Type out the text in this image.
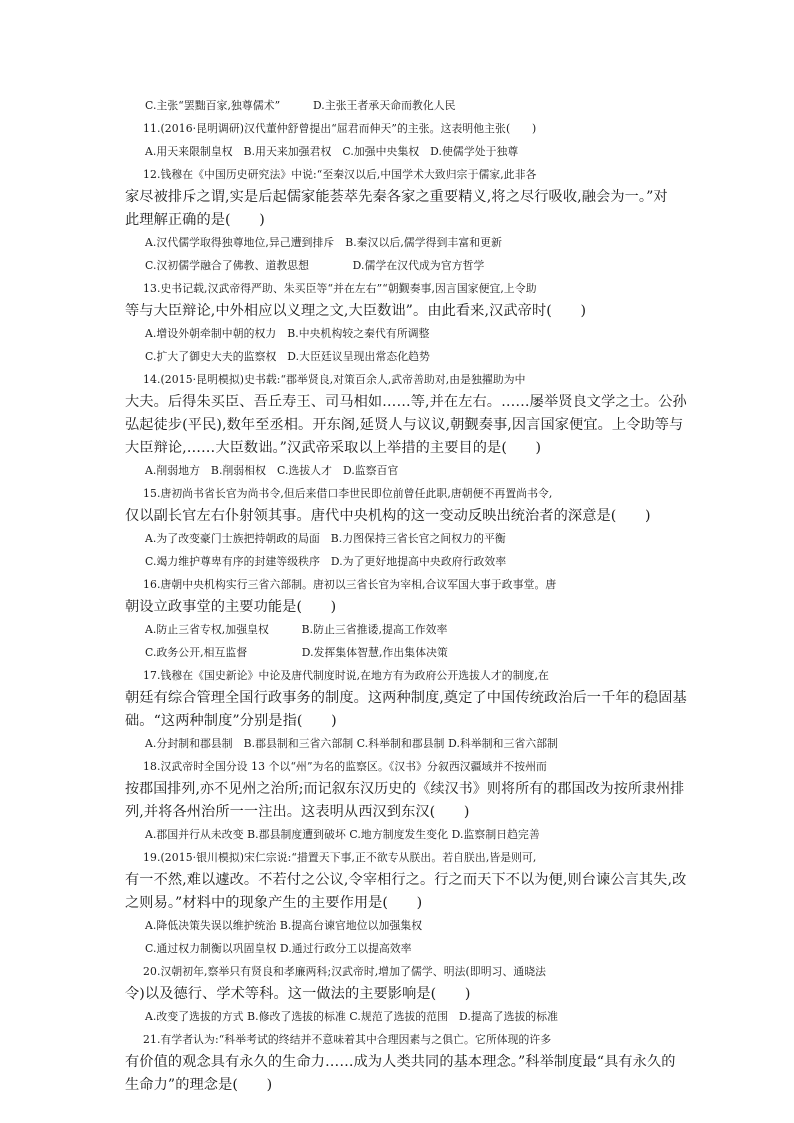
C.主张“罢黜百家,独尊儒术”　　　D.主张王者承天命而教化人民
11.(2016·昆明调研)汉代董仲舒曾提出“屈君而伸天”的主张。这表明他主张(　　)
A.用天来限制皇权　B.用天来加强君权　C.加强中央集权　D.使儒学处于独尊
12.钱穆在《中国历史研究法》中说:“至秦汉以后,中国学术大致归宗于儒家,此非各
家尽被排斥之谓,实是后起儒家能荟萃先秦各家之重要精义,将之尽行吸收,融会为一。”对
此理解正确的是(　　)
A.汉代儒学取得独尊地位,异己遭到排斥　B.秦汉以后,儒学得到丰富和更新
C.汉初儒学融合了佛教、道教思想　　　　D.儒学在汉代成为官方哲学
13.史书记载,汉武帝得严助、朱买臣等“并在左右”“朝觐奏事,因言国家便宜,上令助
等与大臣辩论,中外相应以义理之文,大臣数诎”。由此看来,汉武帝时(　　)
A.增设外朝牵制中朝的权力　B.中央机构较之秦代有所调整
C.扩大了御史大夫的监察权　D.大臣廷议呈现出常态化趋势
14.(2015·昆明模拟)史书载:“郡举贤良,对策百余人,武帝善助对,由是独擢助为中
大夫。后得朱买臣、吾丘寿王、司马相如……等,并在左右。……屡举贤良文学之士。公孙
弘起徒步(平民),数年至丞相。开东阁,延贤人与议议,朝觐奏事,因言国家便宜。上令助等与
大臣辩论,……大臣数诎。”汉武帝采取以上举措的主要目的是(　　)
A.削弱地方　B.削弱相权　C.选拔人才　D.监察百官
15.唐初尚书省长官为尚书令,但后来借口李世民即位前曾任此职,唐朝便不再置尚书令,
仅以副长官左右仆射领其事。唐代中央机构的这一变动反映出统治者的深意是(　　)
A.为了改变豪门士族把持朝政的局面　B.力图保持三省长官之间权力的平衡
C.竭力维护尊卑有序的封建等级秩序　D.为了更好地提高中央政府行政效率
16.唐朝中央机构实行三省六部制。唐初以三省长官为宰相,合议军国大事于政事堂。唐
朝设立政事堂的主要功能是(　　)
A.防止三省专权,加强皇权　　　B.防止三省推诿,提高工作效率
C.政务公开,相互监督　　　　　D.发挥集体智慧,作出集体决策
17.钱穆在《国史新论》中论及唐代制度时说,在地方有为政府公开选拔人才的制度,在
朝廷有综合管理全国行政事务的制度。这两种制度,奠定了中国传统政治后一千年的稳固基
础。“这两种制度”分别是指(　　)
A.分封制和郡县制　B.郡县制和三省六部制 C.科举制和郡县制 D.科举制和三省六部制
18.汉武帝时全国分设 13 个以“州”为名的监察区。《汉书》分叙西汉疆域并不按州而
按郡国排列,亦不见州之治所;而记叙东汉历史的《续汉书》则将所有的郡国改为按所隶州排
列,并将各州治所一一注出。这表明从西汉到东汉(　　)
A.郡国并行从未改变 B.郡县制度遭到破坏 C.地方制度发生变化 D.监察制日趋完善
19.(2015·银川模拟)宋仁宗说:“措置天下事,正不欲专从朕出。若自朕出,皆是则可,
有一不然,难以遽改。不若付之公议,令宰相行之。行之而天下不以为便,则台谏公言其失,改
之则易。”材料中的现象产生的主要作用是(　　)
A.降低决策失误以维护统治 B.提高台谏官地位以加强集权
C.通过权力制衡以巩固皇权 D.通过行政分工以提高效率
20.汉朝初年,察举只有贤良和孝廉两科;汉武帝时,增加了儒学、明法(即明习、通晓法
令)以及德行、学术等科。这一做法的主要影响是(　　)
A.改变了选拔的方式 B.修改了选拔的标准 C.规范了选拔的范围　D.提高了选拔的标准
21.有学者认为:“科举考试的终结并不意味着其中合理因素与之俱亡。它所体现的许多
有价值的观念具有永久的生命力……成为人类共同的基本理念。”科举制度最“具有永久的
生命力”的理念是(　　)
